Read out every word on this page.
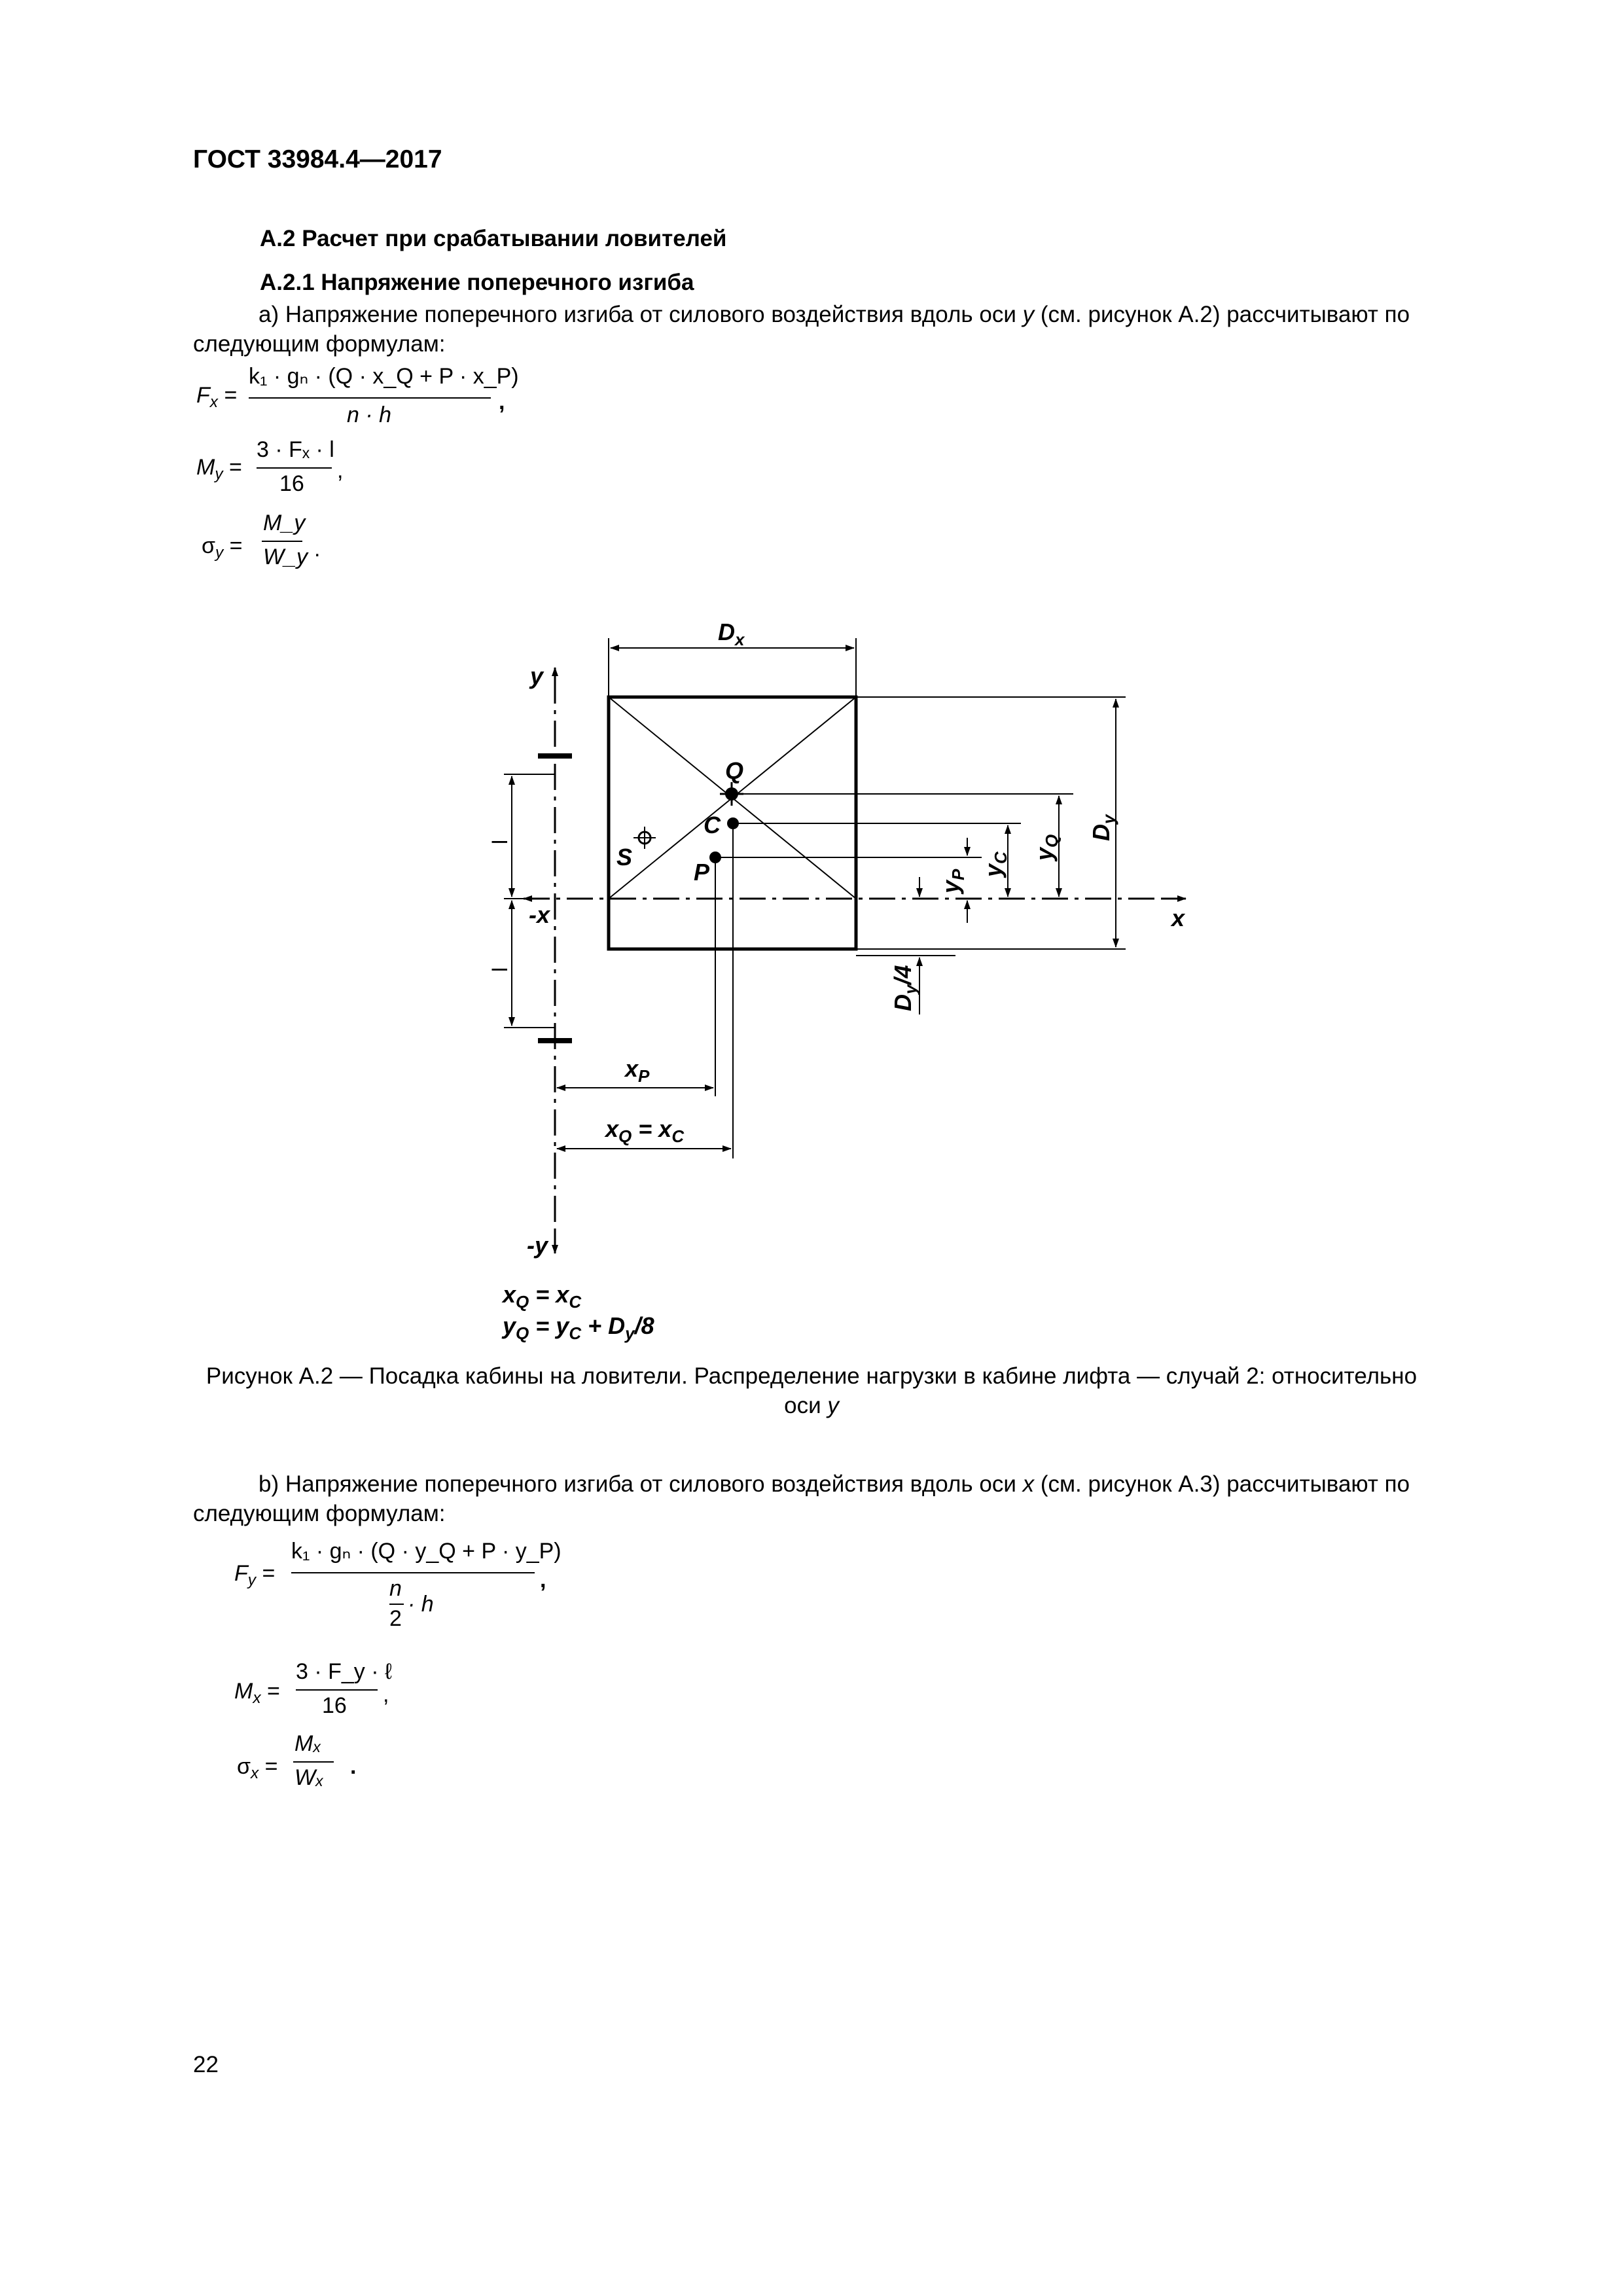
ГОСТ 33984.4—2017
А.2 Расчет при срабатывании ловителей
А.2.1 Напряжение поперечного изгиба
а) Напряжение поперечного изгиба от силового воздействия вдоль оси у (см. рисунок А.2) рассчитывают по следующим формулам:
$F_x$ =
k₁ · gₙ · (Q · x_Q + P · x_P)
n · h
,
$M_y$ =
3 · Fₓ · l
16
,
$\sigma_y$ =
M_y
W_y .
$D_x$
y
-y
x
-x
Q
C
S
P
l
l
$y_P$ $y_C$ $y_Q$ $D_y$
$D_y/4$
$x_P$
$x_Q = x_C$
$x_Q = x_C$
$y_Q = y_C + D_y/8$
Рисунок А.2 — Посадка кабины на ловители. Распределение нагрузки в кабине лифта — случай 2: относительно
оси у
b) Напряжение поперечного изгиба от силового воздействия вдоль оси х (см. рисунок А.3) рассчитывают по следующим формулам:
$F_y$ =
k₁ · gₙ · (Q · y_Q + P · y_P)
n
2
· h
,
$M_x$ =
3 · F_y · ℓ
16 ,
$\sigma_x$ =
Mₓ
Wₓ .
22
